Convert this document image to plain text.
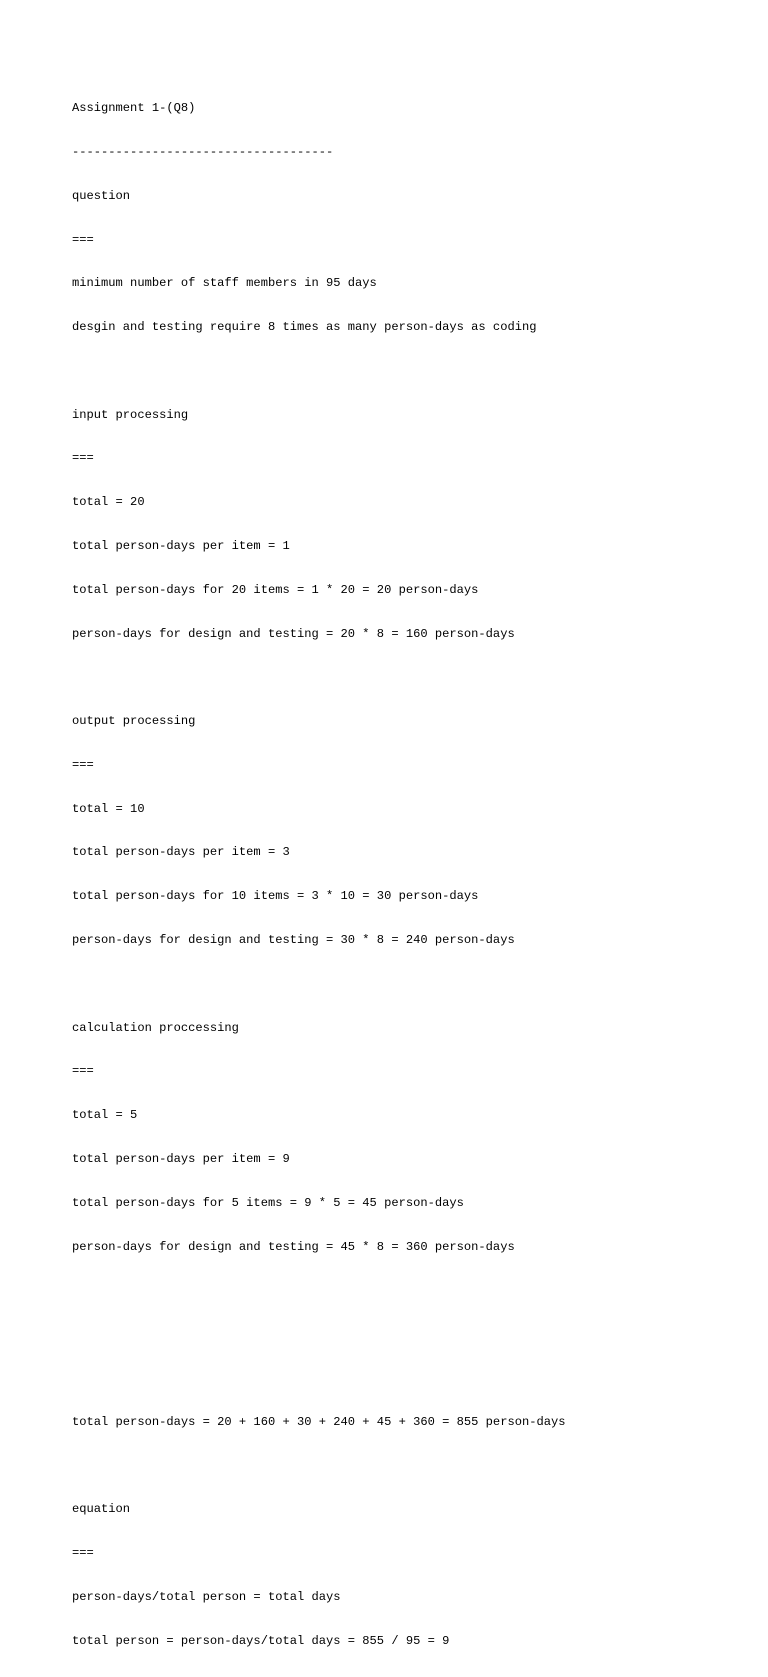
Assignment 1-(Q8)

------------------------------------

question

===

minimum number of staff members in 95 days

desgin and testing require 8 times as many person-days as coding

input processing

===

total = 20

total person-days per item = 1

total person-days for 20 items = 1 * 20 = 20 person-days

person-days for design and testing = 20 * 8 = 160 person-days

output processing

===

total = 10

total person-days per item = 3

total person-days for 10 items = 3 * 10 = 30 person-days

person-days for design and testing = 30 * 8 = 240 person-days

calculation proccessing

===

total = 5

total person-days per item = 9

total person-days for 5 items = 9 * 5 = 45 person-days

person-days for design and testing = 45 * 8 = 360 person-days

total person-days = 20 + 160 + 30 + 240 + 45 + 360 = 855 person-days

equation

===

person-days/total person = total days

total person = person-days/total days = 855 / 95 = 9
